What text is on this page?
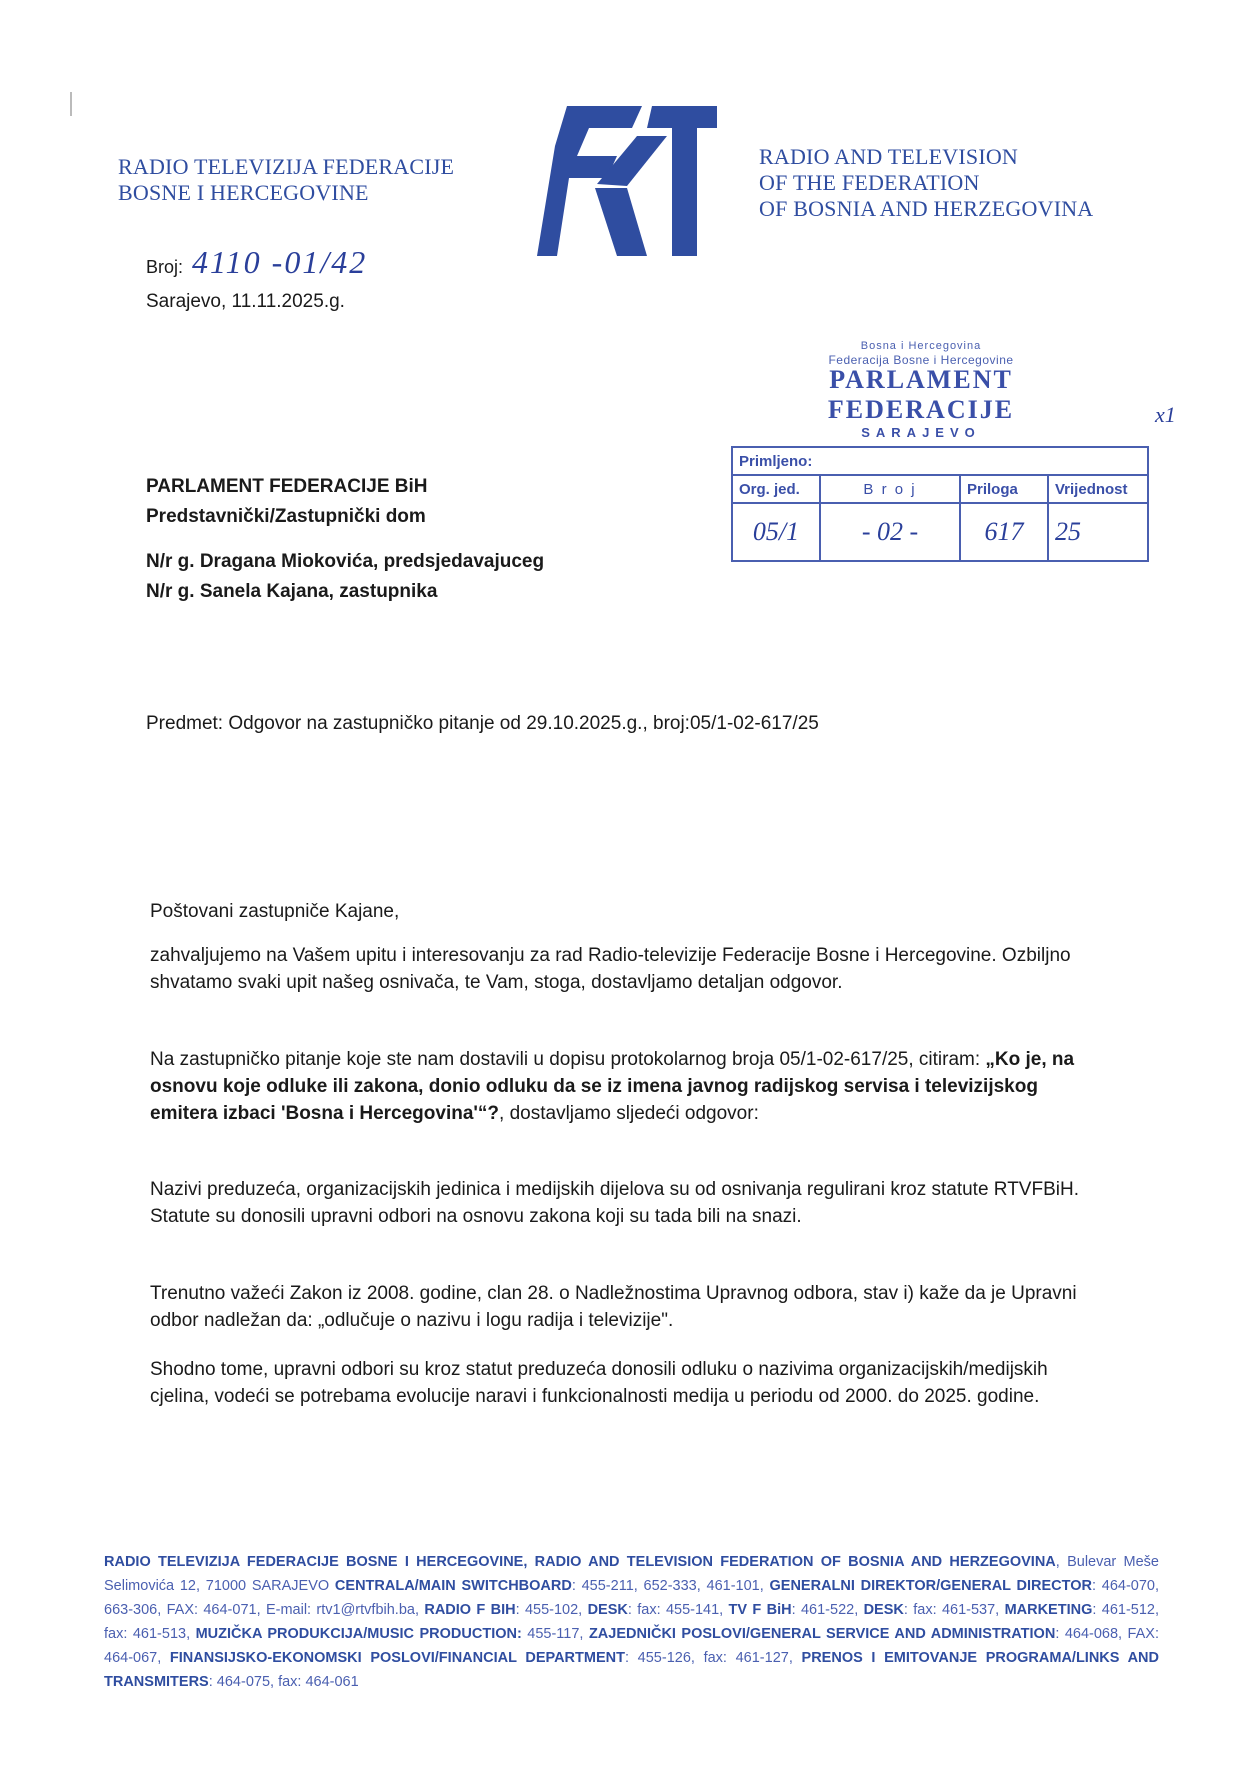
RADIO TELEVIZIJA FEDERACIJE
BOSNE I HERCEGOVINE
RADIO AND TELEVISION
OF THE FEDERATION
OF BOSNIA AND HERZEGOVINA
Broj: 4110 -01/42
Sarajevo, 11.11.2025.g.
Bosna i Hercegovina
Federacija Bosne i Hercegovine
PARLAMENT FEDERACIJE
SARAJEVO
Primljeno:			
Org. jed.	B r o j	Priloga	Vrijednost
05/1	- 02 -	617	25
x1
PARLAMENT FEDERACIJE BiH
Predstavnički/Zastupnički dom
N/r g. Dragana Miokovića, predsjedavajuceg
N/r g. Sanela Kajana, zastupnika
Predmet: Odgovor na zastupničko pitanje od 29.10.2025.g., broj:05/1-02-617/25

Poštovani zastupniče Kajane,

zahvaljujemo na Vašem upitu i interesovanju za rad Radio-televizije Federacije Bosne i Hercegovine. Ozbiljno shvatamo svaki upit našeg osnivača, te Vam, stoga, dostavljamo detaljan odgovor.

Na zastupničko pitanje koje ste nam dostavili u dopisu protokolarnog broja 05/1-02-617/25, citiram: „Ko je, na osnovu koje odluke ili zakona, donio odluku da se iz imena javnog radijskog servisa i televizijskog emitera izbaci 'Bosna i Hercegovina'“?, dostavljamo sljedeći odgovor:

Nazivi preduzeća, organizacijskih jedinica i medijskih dijelova su od osnivanja regulirani kroz statute RTVFBiH. Statute su donosili upravni odbori na osnovu zakona koji su tada bili na snazi.

Trenutno važeći Zakon iz 2008. godine, clan 28. o Nadležnostima Upravnog odbora, stav i) kaže da je Upravni odbor nadležan da: „odlučuje o nazivu i logu radija i televizije".

Shodno tome, upravni odbori su kroz statut preduzeća donosili odluku o nazivima organizacijskih/medijskih cjelina, vodeći se potrebama evolucije naravi i funkcionalnosti medija u periodu od 2000. do 2025. godine.

RADIO TELEVIZIJA FEDERACIJE BOSNE I HERCEGOVINE, RADIO AND TELEVISION FEDERATION OF BOSNIA AND HERZEGOVINA, Bulevar Meše Selimovića 12, 71000 SARAJEVO CENTRALA/MAIN SWITCHBOARD: 455-211, 652-333, 461-101, GENERALNI DIREKTOR/GENERAL DIRECTOR: 464-070, 663-306, FAX: 464-071, E-mail: rtv1@rtvfbih.ba, RADIO F BIH: 455-102, DESK: fax: 455-141, TV F BiH: 461-522, DESK: fax: 461-537, MARKETING: 461-512, fax: 461-513, MUZIČKA PRODUKCIJA/MUSIC PRODUCTION: 455-117, ZAJEDNIČKI POSLOVI/GENERAL SERVICE AND ADMINISTRATION: 464-068, FAX: 464-067, FINANSIJSKO-EKONOMSKI POSLOVI/FINANCIAL DEPARTMENT: 455-126, fax: 461-127, PRENOS I EMITOVANJE PROGRAMA/LINKS AND TRANSMITERS: 464-075, fax: 464-061
